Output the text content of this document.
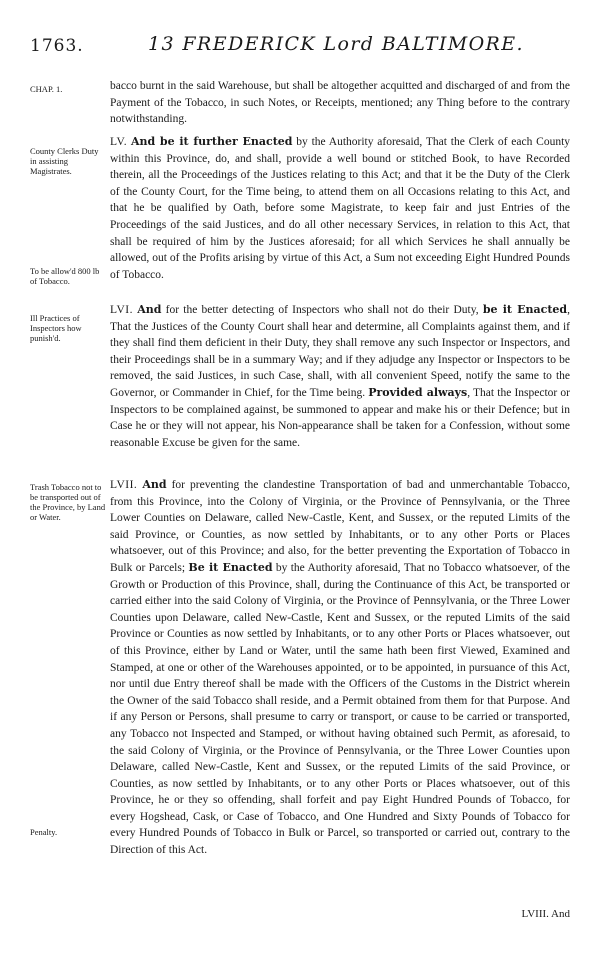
1763.	13 FREDERICK Lord BALTIMORE.
CHAP. 1.
County Clerks Duty in assisting Magistrates.
To be allow'd 800 lb of Tobacco.
Ill Practices of Inspectors how punish'd.
Trash Tobacco not to be transported out of the Province, by Land or Water.
Penalty.

bacco burnt in the said Warehouse, but shall be altogether acquitted and discharged of and from the Payment of the Tobacco, in such Notes, or Receipts, mentioned; any Thing before to the contrary notwithstanding.

LV. And be it further Enacted by the Authority aforesaid, That the Clerk of each County within this Province, do, and shall, provide a well bound or stitched Book, to have Recorded therein, all the Proceedings of the Justices relating to this Act; and that it be the Duty of the Clerk of the County Court, for the Time being, to attend them on all Occasions relating to this Act, and that he be qualified by Oath, before some Magistrate, to keep fair and just Entries of the Proceedings of the said Justices, and do all other necessary Services, in relation to this Act, that shall be required of him by the Justices aforesaid; for all which Services he shall annually be allowed, out of the Profits arising by virtue of this Act, a Sum not exceeding Eight Hundred Pounds of Tobacco.

LVI. And for the better detecting of Inspectors who shall not do their Duty, be it Enacted, That the Justices of the County Court shall hear and determine, all Complaints against them, and if they shall find them deficient in their Duty, they shall remove any such Inspector or Inspectors, and their Proceedings shall be in a summary Way; and if they adjudge any Inspector or Inspectors to be removed, the said Justices, in such Case, shall, with all convenient Speed, notify the same to the Governor, or Commander in Chief, for the Time being. Provided always, That the Inspector or Inspectors to be complained against, be summoned to appear and make his or their Defence; but in Case he or they will not appear, his Non-appearance shall be taken for a Confession, without some reasonable Excuse be given for the same.

LVII. And for preventing the clandestine Transportation of bad and unmerchantable Tobacco, from this Province, into the Colony of Virginia, or the Province of Pennsylvania, or the Three Lower Counties on Delaware, called New-Castle, Kent, and Sussex, or the reputed Limits of the said Province, or Counties, as now settled by Inhabitants, or to any other Ports or Places whatsoever, out of this Province; and also, for the better preventing the Exportation of Tobacco in Bulk or Parcels; Be it Enacted by the Authority aforesaid, That no Tobacco whatsoever, of the Growth or Production of this Province, shall, during the Continuance of this Act, be transported or carried either into the said Colony of Virginia, or the Province of Pennsylvania, or the Three Lower Counties upon Delaware, called New-Castle, Kent and Sussex, or the reputed Limits of the said Province or Counties as now settled by Inhabitants, or to any other Ports or Places whatsoever, out of this Province, either by Land or Water, until the same hath been first Viewed, Examined and Stamped, at one or other of the Warehouses appointed, or to be appointed, in pursuance of this Act, nor until due Entry thereof shall be made with the Officers of the Customs in the District wherein the Owner of the said Tobacco shall reside, and a Permit obtained from them for that Purpose. And if any Person or Persons, shall presume to carry or transport, or cause to be carried or transported, any Tobacco not Inspected and Stamped, or without having obtained such Permit, as aforesaid, to the said Colony of Virginia, or the Province of Pennsylvania, or the Three Lower Counties upon Delaware, called New-Castle, Kent and Sussex, or the reputed Limits of the said Province, or Counties, as now settled by Inhabitants, or to any other Ports or Places whatsoever, out of this Province, he or they so offending, shall forfeit and pay Eight Hundred Pounds of Tobacco, for every Hogshead, Cask, or Case of Tobacco, and One Hundred and Sixty Pounds of Tobacco for every Hundred Pounds of Tobacco in Bulk or Parcel, so transported or carried out, contrary to the Direction of this Act.

LVIII. And
